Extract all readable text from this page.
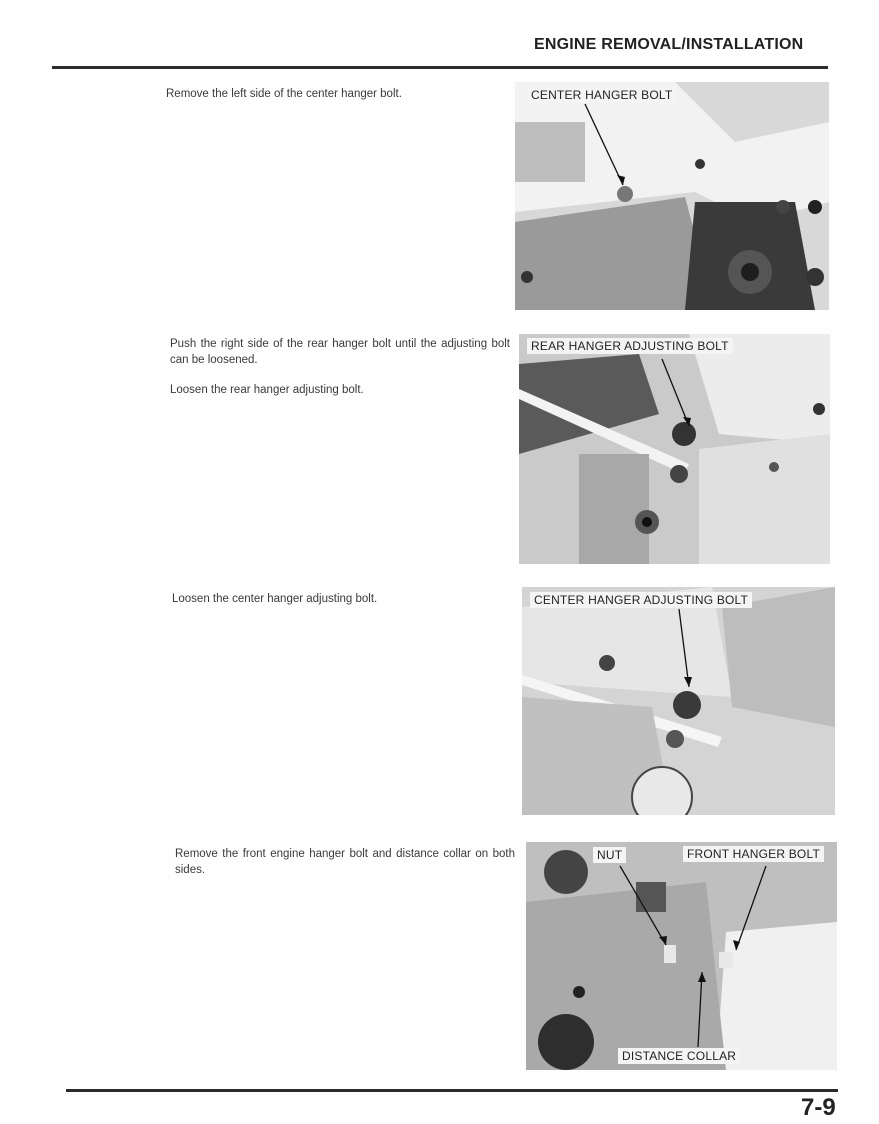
ENGINE REMOVAL/INSTALLATION

Remove the left side of the center hanger bolt.	CENTER HANGER BOLT

Push the right side of the rear hanger bolt until the adjusting bolt can be loosened.

Loosen the rear hanger adjusting bolt.

REAR HANGER ADJUSTING BOLT

Loosen the center hanger adjusting bolt.	CENTER HANGER ADJUSTING BOLT

Remove the front engine hanger bolt and distance collar on both sides.

NUT	FRONT HANGER BOLT
DISTANCE COLLAR
7-9
